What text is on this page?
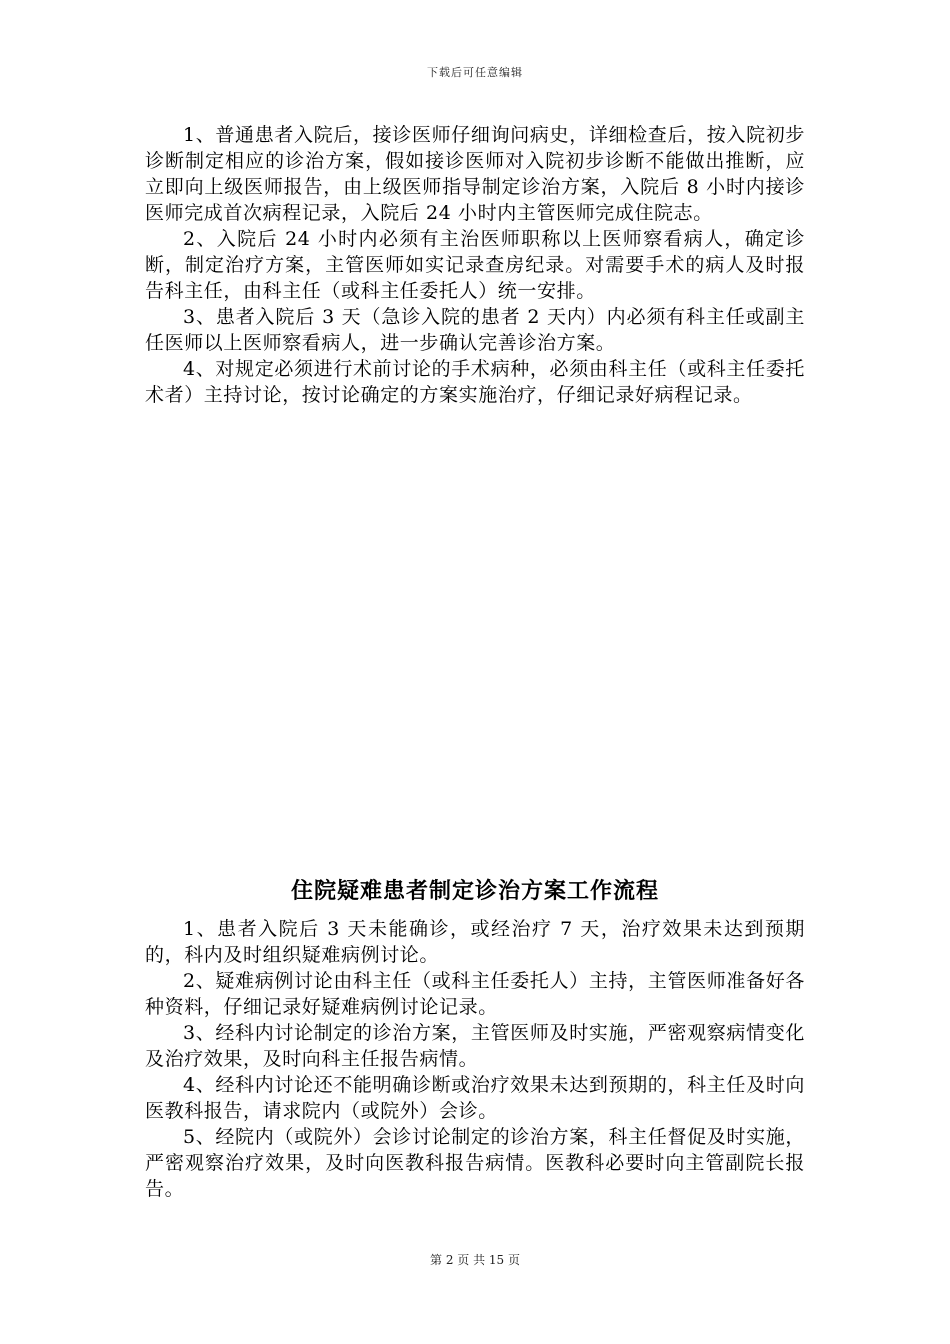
下载后可任意编辑

1、普通患者入院后，接诊医师仔细询问病史，详细检查后，按入院初步诊断制定相应的诊治方案，假如接诊医师对入院初步诊断不能做出推断，应立即向上级医师报告，由上级医师指导制定诊治方案，入院后 8 小时内接诊医师完成首次病程记录，入院后 24 小时内主管医师完成住院志。

2、入院后 24 小时内必须有主治医师职称以上医师察看病人，确定诊断，制定治疗方案，主管医师如实记录查房纪录。对需要手术的病人及时报告科主任，由科主任（或科主任委托人）统一安排。

3、患者入院后 3 天（急诊入院的患者 2 天内）内必须有科主任或副主任医师以上医师察看病人，进一步确认完善诊治方案。

4、对规定必须进行术前讨论的手术病种，必须由科主任（或科主任委托术者）主持讨论，按讨论确定的方案实施治疗，仔细记录好病程记录。

住院疑难患者制定诊治方案工作流程

1、患者入院后 3 天未能确诊，或经治疗 7 天，治疗效果未达到预期的，科内及时组织疑难病例讨论。

2、疑难病例讨论由科主任（或科主任委托人）主持，主管医师准备好各种资料，仔细记录好疑难病例讨论记录。

3、经科内讨论制定的诊治方案，主管医师及时实施，严密观察病情变化及治疗效果，及时向科主任报告病情。

4、经科内讨论还不能明确诊断或治疗效果未达到预期的，科主任及时向医教科报告，请求院内（或院外）会诊。

5、经院内（或院外）会诊讨论制定的诊治方案，科主任督促及时实施，严密观察治疗效果，及时向医教科报告病情。医教科必要时向主管副院长报告。

第 2 页 共 15 页
